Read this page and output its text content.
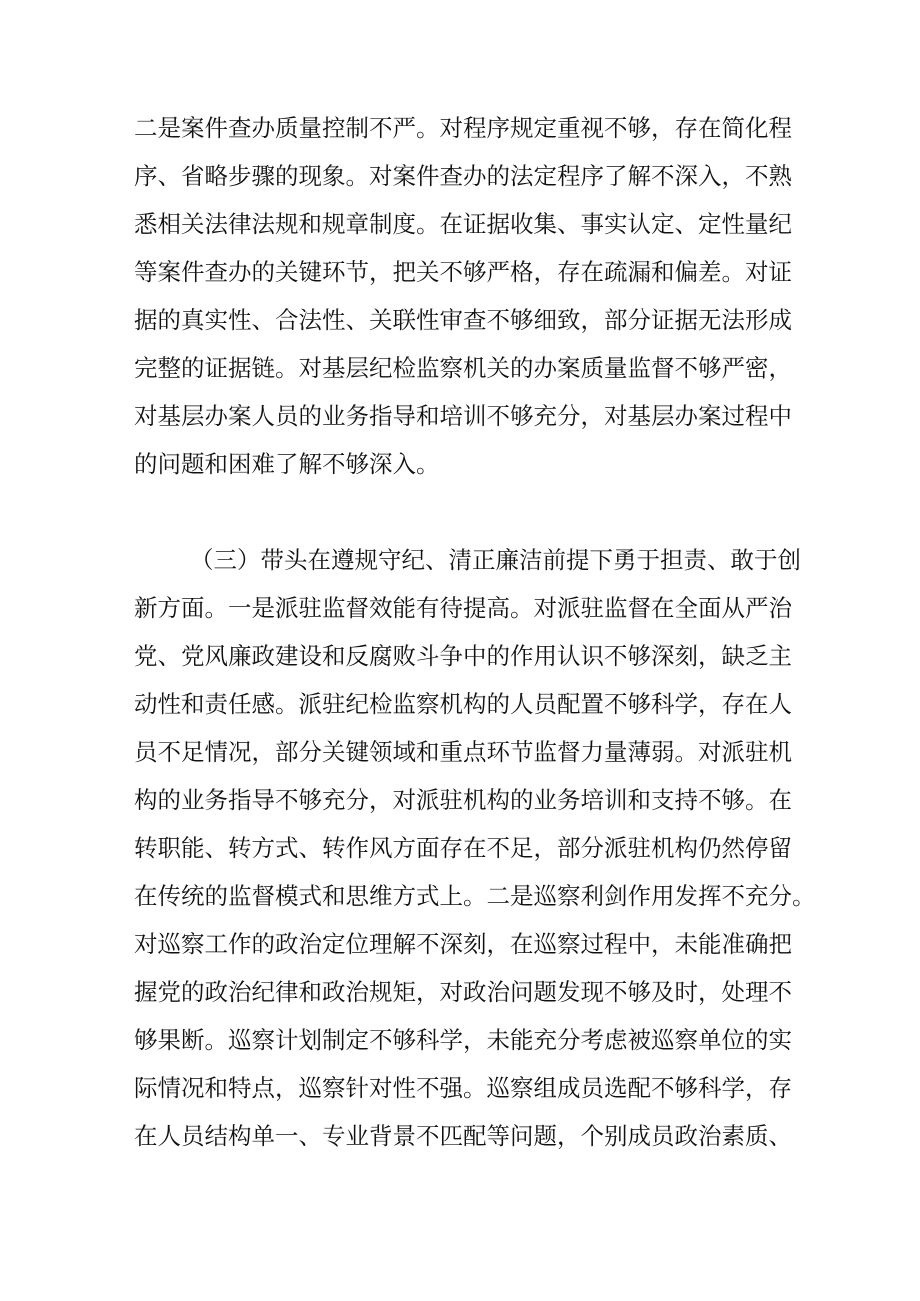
二是案件查办质量控制不严。对程序规定重视不够，存在简化程

序、省略步骤的现象。对案件查办的法定程序了解不深入，不熟

悉相关法律法规和规章制度。在证据收集、事实认定、定性量纪

等案件查办的关键环节，把关不够严格，存在疏漏和偏差。对证

据的真实性、合法性、关联性审查不够细致，部分证据无法形成

完整的证据链。对基层纪检监察机关的办案质量监督不够严密，

对基层办案人员的业务指导和培训不够充分，对基层办案过程中

的问题和困难了解不够深入。

（三）带头在遵规守纪、清正廉洁前提下勇于担责、敢于创

新方面。一是派驻监督效能有待提高。对派驻监督在全面从严治

党、党风廉政建设和反腐败斗争中的作用认识不够深刻，缺乏主

动性和责任感。派驻纪检监察机构的人员配置不够科学，存在人

员不足情况，部分关键领域和重点环节监督力量薄弱。对派驻机

构的业务指导不够充分，对派驻机构的业务培训和支持不够。在

转职能、转方式、转作风方面存在不足，部分派驻机构仍然停留

在传统的监督模式和思维方式上。二是巡察利剑作用发挥不充分。

对巡察工作的政治定位理解不深刻，在巡察过程中，未能准确把

握党的政治纪律和政治规矩，对政治问题发现不够及时，处理不

够果断。巡察计划制定不够科学，未能充分考虑被巡察单位的实

际情况和特点，巡察针对性不强。巡察组成员选配不够科学，存

在人员结构单一、专业背景不匹配等问题，个别成员政治素质、
